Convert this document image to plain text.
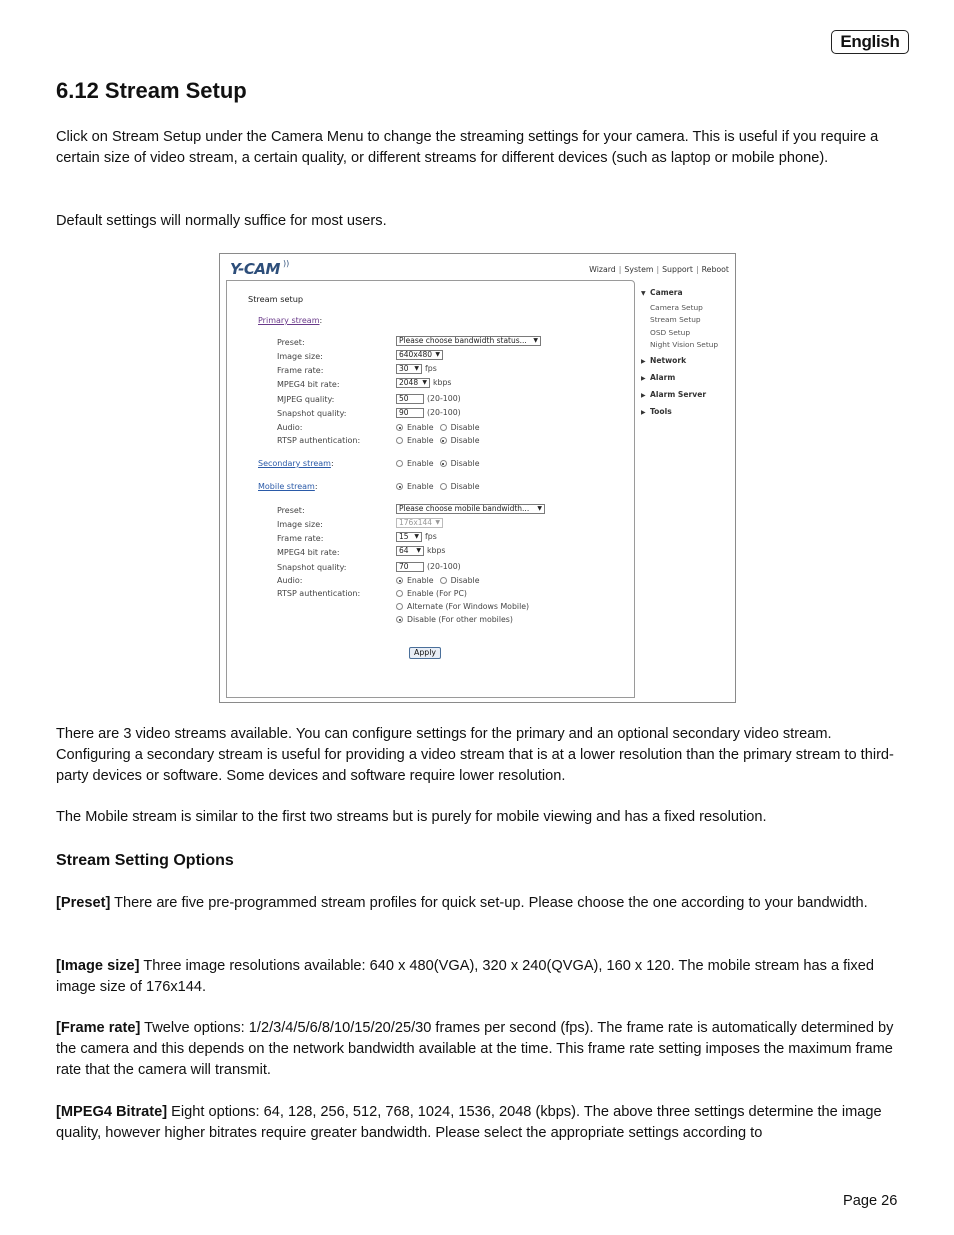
English
6.12 Stream Setup

Click on Stream Setup under the Camera Menu to change the streaming settings for your camera. This is useful if you require a certain size of video stream, a certain quality, or different streams for different devices (such as laptop or mobile phone).

Default settings will normally suffice for most users.

Y-CAM ))
Wizard | System | Support | Reboot
Stream setup
Primary stream:
Preset:	Please choose bandwidth status... ▼
Image size:	640x480 ▼
Frame rate:	30 ▼ fps
MPEG4 bit rate:	2048 ▼ kbps
MJPEG quality:	50 (20-100)
Snapshot quality:	90 (20-100)
Audio:	Enable Disable
RTSP authentication:	Enable Disable
Secondary stream:	Enable Disable
Mobile stream:	Enable Disable
Preset:	Please choose mobile bandwidth... ▼
Image size:	176x144 ▼
Frame rate:	15 ▼ fps
MPEG4 bit rate:	64 ▼ kbps
Snapshot quality:	70 (20-100)
Audio:	Enable Disable
RTSP authentication:	Enable (For PC)
Alternate (For Windows Mobile)
Disable (For other mobiles)
Apply
▼ Camera
Camera Setup
Stream Setup
OSD Setup
Night Vision Setup
▶ Network
▶ Alarm
▶ Alarm Server
▶ Tools

There are 3 video streams available. You can configure settings for the primary and an optional secondary video stream. Configuring a secondary stream is useful for providing a video stream that is at a lower resolution than the primary stream to third-party devices or software. Some devices and software require lower resolution.

The Mobile stream is similar to the first two streams but is purely for mobile viewing and has a fixed resolution.

Stream Setting Options

[Preset] There are five pre-programmed stream profiles for quick set-up. Please choose the one according to your bandwidth.

[Image size] Three image resolutions available: 640 x 480(VGA), 320 x 240(QVGA), 160 x 120. The mobile stream has a fixed image size of 176x144.

[Frame rate] Twelve options: 1/2/3/4/5/6/8/10/15/20/25/30 frames per second (fps). The frame rate is automatically determined by the camera and this depends on the network bandwidth available at the time. This frame rate setting imposes the maximum frame rate that the camera will transmit.

[MPEG4 Bitrate] Eight options: 64, 128, 256, 512, 768, 1024, 1536, 2048 (kbps). The above three settings determine the image quality, however higher bitrates require greater bandwidth. Please select the appropriate settings according to

Page 26
